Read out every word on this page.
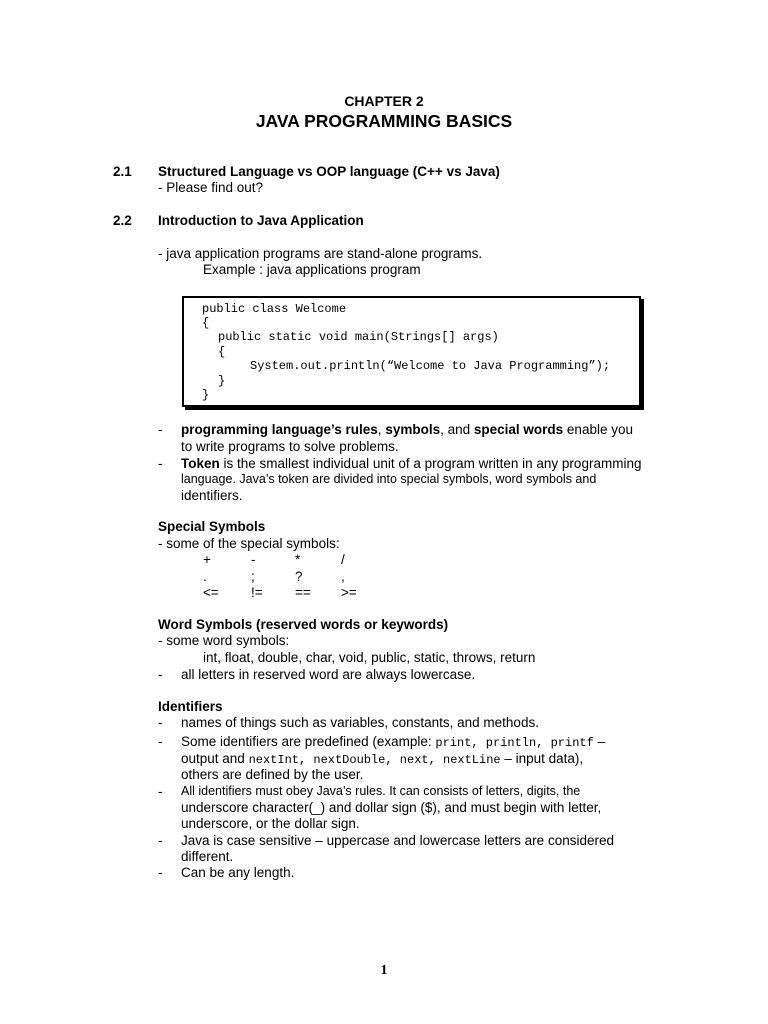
CHAPTER 2
JAVA PROGRAMMING BASICS
2.1 Structured Language vs OOP language (C++ vs Java)
- Please find out?
2.2 Introduction to Java Application
- java application programs are stand-alone programs.
Example : java applications program
public class Welcome
{
public static void main(Strings[] args)
{
System.out.println(“Welcome to Java Programming”);
}
}
- programming language’s rules, symbols, and special words enable you
to write programs to solve problems.
- Token is the smallest individual unit of a program written in any programming
language. Java’s token are divided into special symbols, word symbols and
identifiers.
Special Symbols
- some of the special symbols:
+	-	*	/
.	;	?	,
<= != == >=
Word Symbols (reserved words or keywords)
- some word symbols:
int, float, double, char, void, public, static, throws, return
- all letters in reserved word are always lowercase.
Identifiers
- names of things such as variables, constants, and methods.
- Some identifiers are predefined (example: print, println, printf –
output and nextInt, nextDouble, next, nextLine – input data),
others are defined by the user.
- All identifiers must obey Java’s rules. It can consists of letters, digits, the
underscore character(_) and dollar sign ($), and must begin with letter,
underscore, or the dollar sign.
- Java is case sensitive – uppercase and lowercase letters are considered
different.
- Can be any length.
1
